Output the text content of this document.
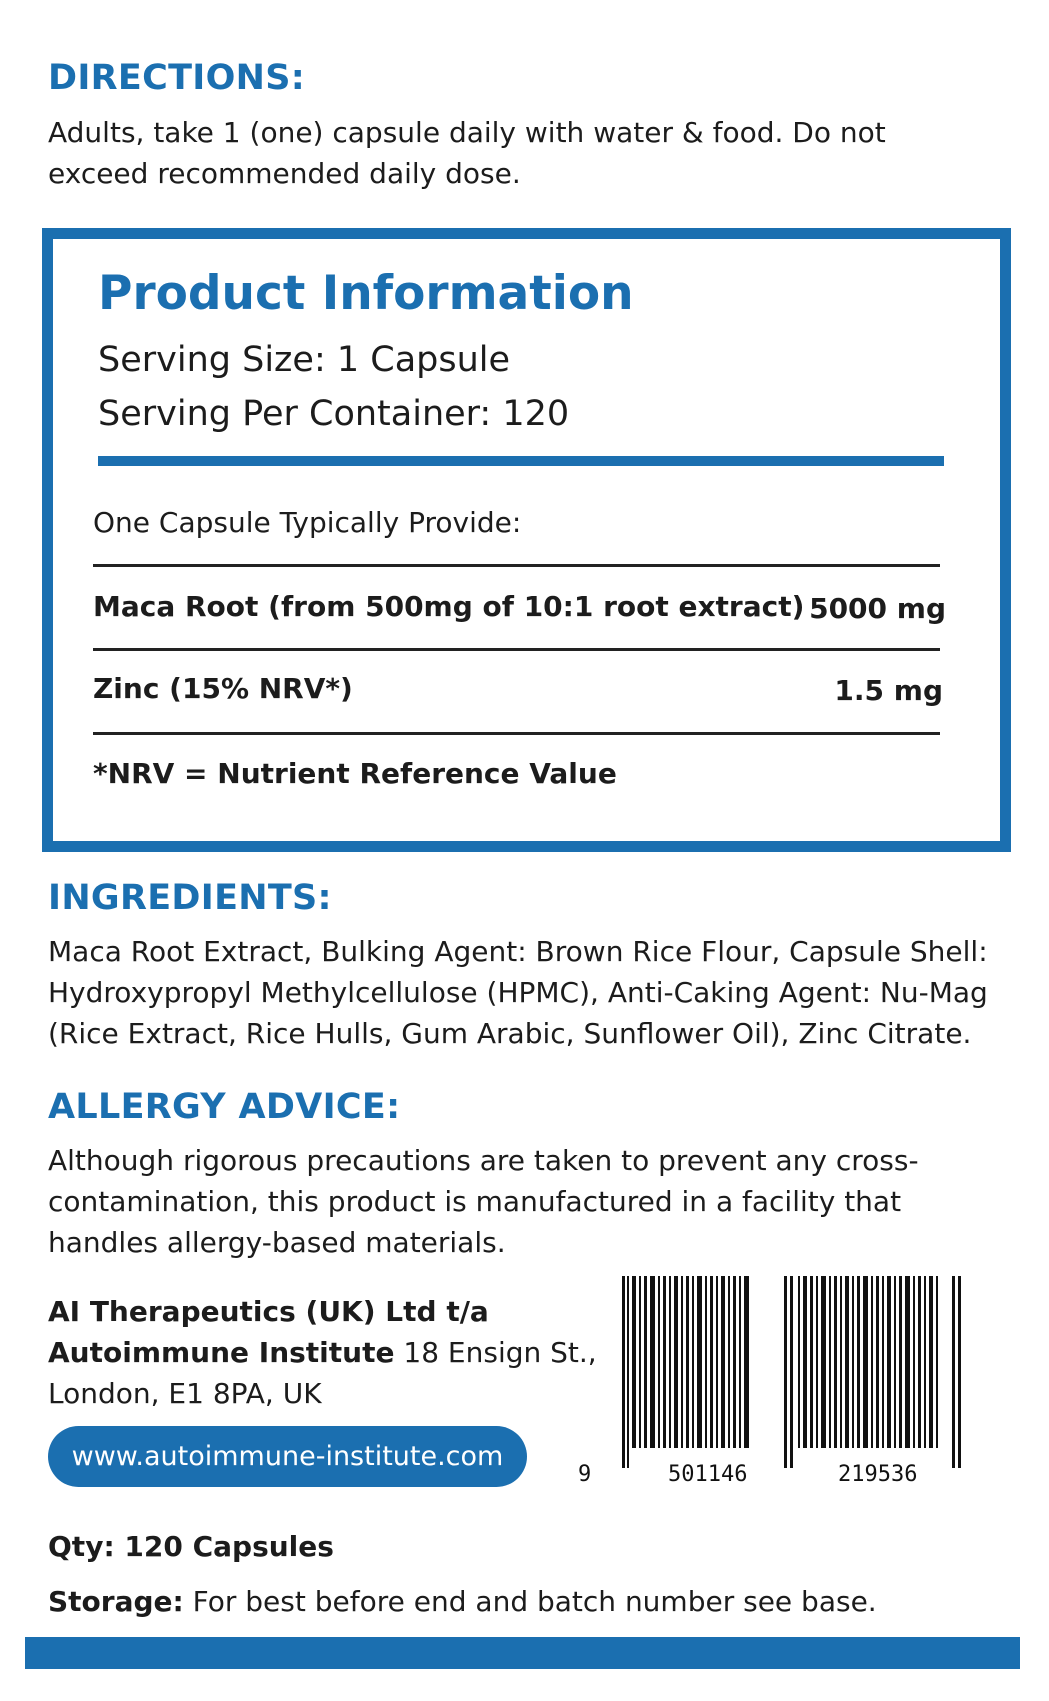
DIRECTIONS:
Adults, take 1 (one) capsule daily with water & food. Do not exceed recommended daily dose.
Product Information
Serving Size: 1 Capsule
Serving Per Container: 120
One Capsule Typically Provide:
Maca Root (from 500mg of 10:1 root extract) 5000 mg
Zinc (15% NRV*)	1.5 mg
*NRV = Nutrient Reference Value
INGREDIENTS:
Maca Root Extract, Bulking Agent: Brown Rice Flour, Capsule Shell: Hydroxypropyl Methylcellulose (HPMC), Anti-Caking Agent: Nu-Mag (Rice Extract, Rice Hulls, Gum Arabic, Sunflower Oil), Zinc Citrate.
ALLERGY ADVICE:
Although rigorous precautions are taken to prevent any cross-contamination, this product is manufactured in a facility that handles allergy-based materials.
AI Therapeutics (UK) Ltd t/a
Autoimmune Institute 18 Ensign St.,
London, E1 8PA, UK
www.autoimmune-institute.com
9	501146	219536
Qty: 120 Capsules
Storage: For best before end and batch number see base.
